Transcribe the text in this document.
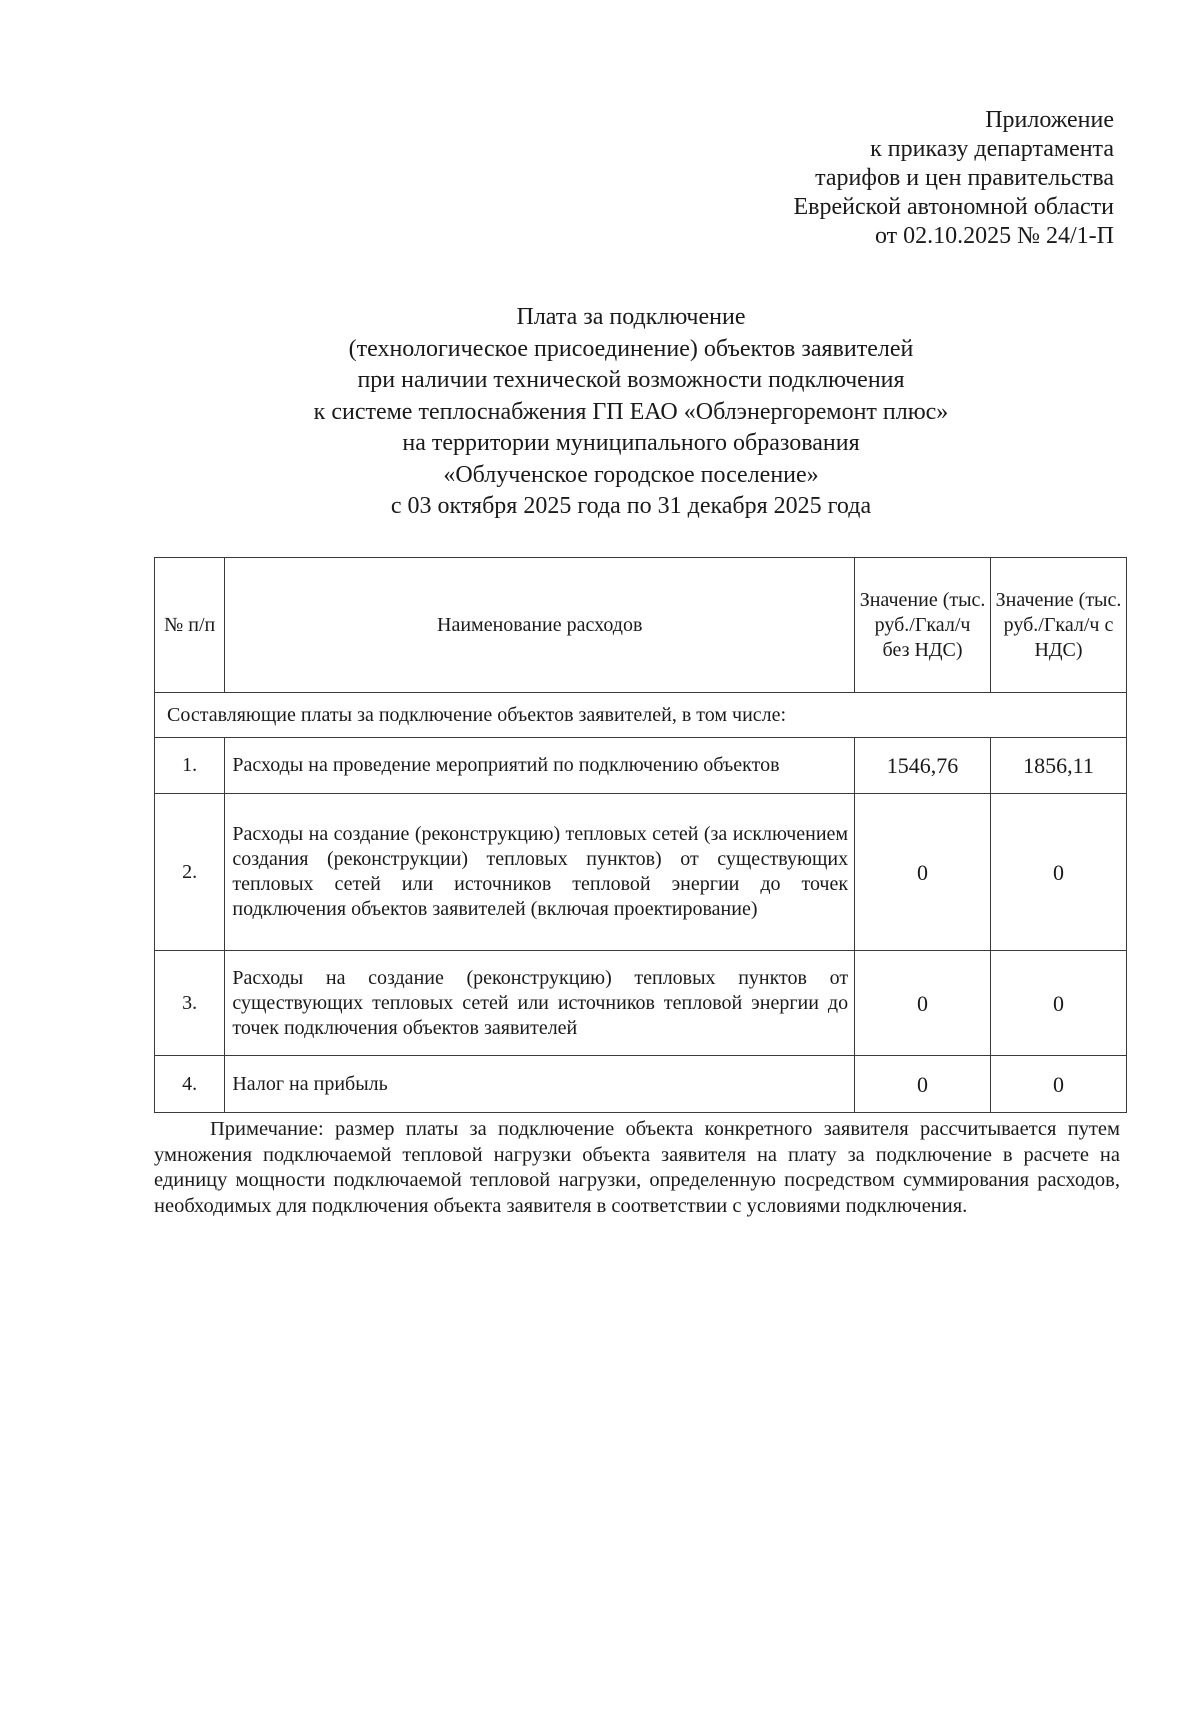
Приложение
к приказу департамента
тарифов и цен правительства
Еврейской автономной области
от 02.10.2025 № 24/1-П
Плата за подключение
(технологическое присоединение) объектов заявителей
при наличии технической возможности подключения
к системе теплоснабжения ГП ЕАО «Облэнергоремонт плюс»
на территории муниципального образования
«Облученское городское поселение»
с 03 октября 2025 года по 31 декабря 2025 года
№ п/п	Наименование расходов	Значение (тыс. руб./Гкал/ч без НДС)	Значение (тыс. руб./Гкал/ч с НДС)
Составляющие платы за подключение объектов заявителей, в том числе:			
1.	Расходы на проведение мероприятий по подключению объектов	1546,76	1856,11
2.	Расходы на создание (реконструкцию) тепловых сетей (за исключением создания (реконструкции) тепловых пунктов) от существующих тепловых сетей или источников тепловой энергии до точек подключения объектов заявителей (включая проектирование)	0	0
3.	Расходы на создание (реконструкцию) тепловых пунктов от существующих тепловых сетей или источников тепловой энергии до точек подключения объектов заявителей	0	0
4.	Налог на прибыль	0	0
Примечание: размер платы за подключение объекта конкретного заявителя рассчитывается путем умножения подключаемой тепловой нагрузки объекта заявителя на плату за подключение в расчете на единицу мощности подключаемой тепловой нагрузки, определенную посредством суммирования расходов, необходимых для подключения объекта заявителя в соответствии с условиями подключения.
